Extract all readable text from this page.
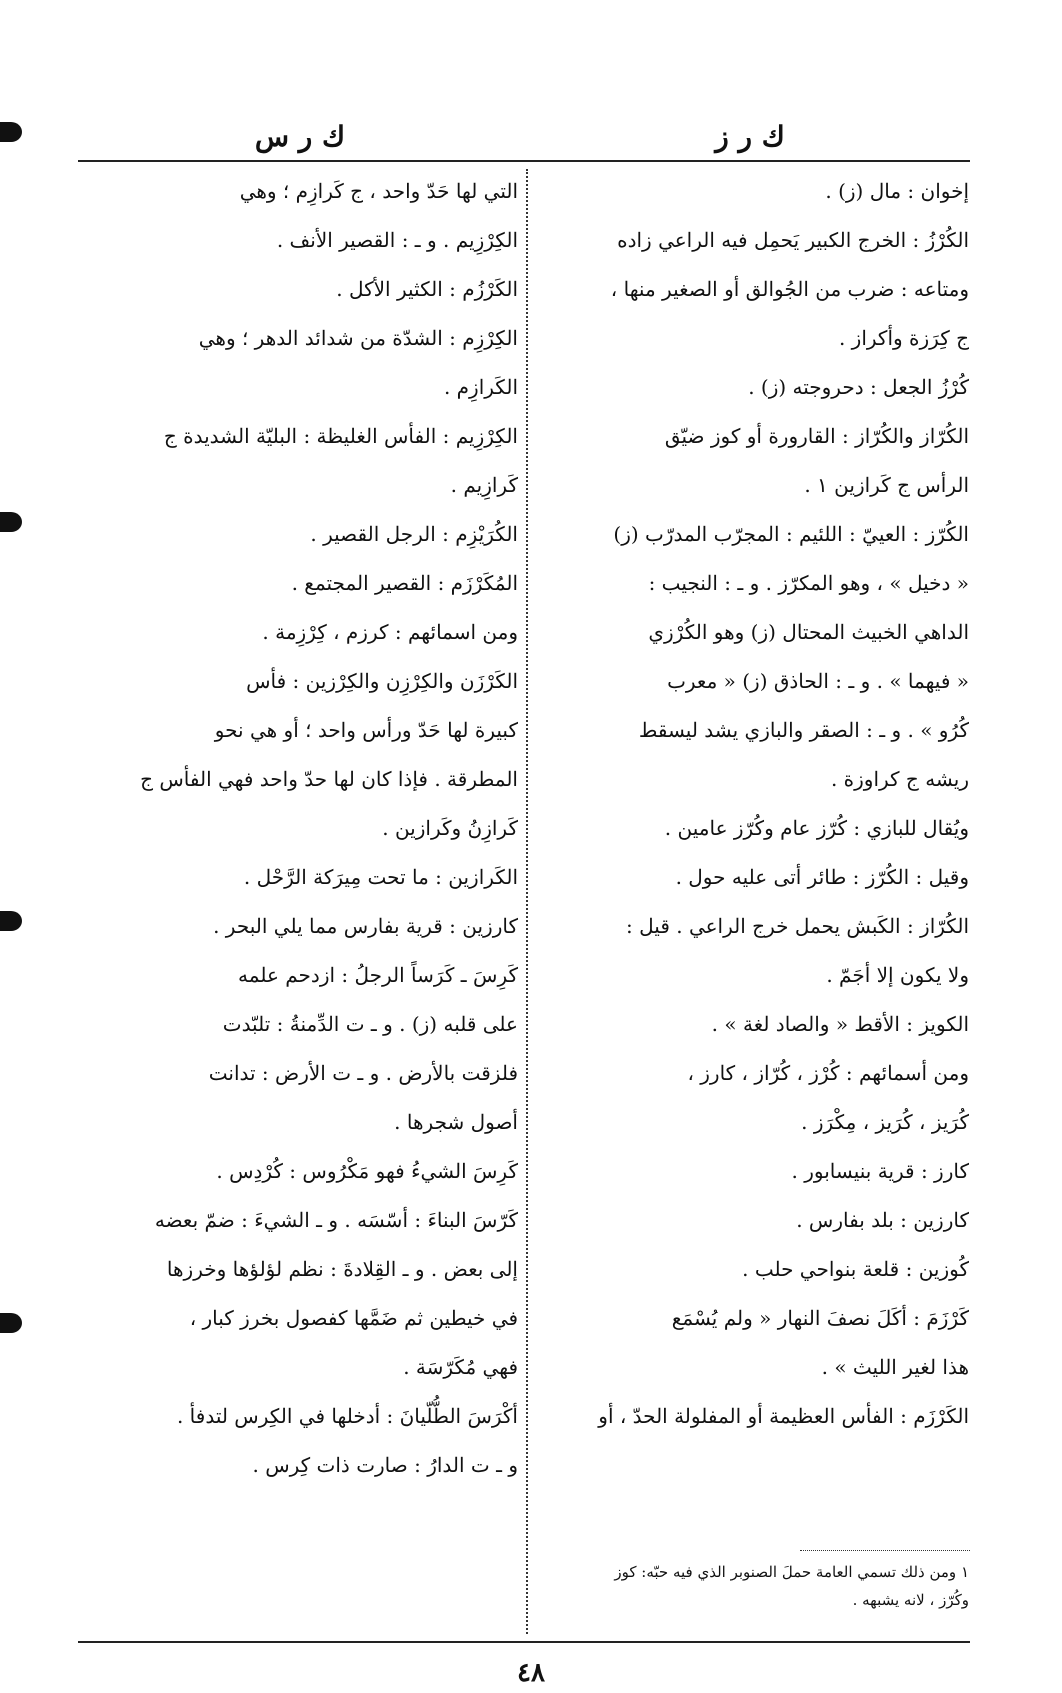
ك ر ز
ك ر س
إخوان : مال (ز) .
الكُرْزُ : الخرج الكبير يَحمِل فيه الراعي زاده
ومتاعه : ضرب من الجُوالق أو الصغير منها ،
ج كِرَزة وأكراز .
كُرْزُ الجعل : دحروجته (ز) .
الكُرّاز والكُرّاز : القارورة أو كوز ضيّق
الرأس ج كَرازين ١ .
الكُرّز : العييّ : اللئيم : المجرّب المدرّب (ز)
« دخيل » ، وهو المكرّز . و ـ : النجيب :
الداهي الخبيث المحتال (ز) وهو الكُرْزي
« فيهما » . و ـ : الحاذق (ز) « معرب
كُرُو » . و ـ : الصقر والبازي يشد ليسقط
ريشه ج كراوزة .
ويُقال للبازي : كُرّز عام وكُرّز عامين .
وقيل : الكُرّز : طائر أتى عليه حول .
الكُرّاز : الكَبش يحمل خرج الراعي . قيل :
ولا يكون إلا أجَمّ .
الكويز : الأقط « والصاد لغة » .
ومن أسمائهم : كُرْز ، كُرّاز ، كارز ،
كُرَيز ، كُرَيز ، مِكْرَز .
كارز : قرية بنيسابور .
كارزين : بلد بفارس .
كُوزين : قلعة بنواحي حلب .
كَرْزَمَ : أكَلَ نصفَ النهار « ولم يُسْمَع
هذا لغير الليث » .
الكَرْزَم : الفأس العظيمة أو المفلولة الحدّ ، أو
التي لها حَدّ واحد ، ج كَرازِم ؛ وهي
الكِرْزِيم . و ـ : القصير الأنف .
الكَرْزُم : الكثير الأكل .
الكِرْزِم : الشدّة من شدائد الدهر ؛ وهي
الكَرازِم .
الكِرْزِيم : الفأس الغليظة : البليّة الشديدة ج
كَرازِيم .
الكُرَيْزِم : الرجل القصير .
المُكَرْزَم : القصير المجتمع .
ومن اسمائهم : كرزم ، كِرْزِمة .
الكَرْزَن والكِرْزِن والكِرْزين : فأس
كبيرة لها حَدّ ورأس واحد ؛ أو هي نحو
المطرقة . فإذا كان لها حدّ واحد فهي الفأس ج
كَرازِنُ وكَرازين .
الكَرازين : ما تحت مِيرَكة الرَّحْل .
كارزين : قرية بفارس مما يلي البحر .
كَرِسَ ـ كَرَساً الرجلُ : ازدحم علمه
على قلبه (ز) . و ـ ت الدِّمنةُ : تلبّدت
فلزقت بالأرض . و ـ ت الأرض : تدانت
أصول شجرها .
كَرِسَ الشيءُ فهو مَكْرُوس : كُرْدِس .
كَرّسَ البناءَ : أسّسَه . و ـ الشيءَ : ضمّ بعضه
إلى بعض . و ـ القِلادةَ : نظم لؤلؤها وخرزها
في خيطين ثم ضَمَّها كفصول بخرز كبار ،
فهي مُكَرّسَة .
أكْرَسَ الطُّلّيانَ : أدخلها في الكِرس لتدفأ .
و ـ ت الدارُ : صارت ذات كِرس .
١ ومن ذلك تسمي العامة حملَ الصنوبر الذي فيه حبّه: كوز
وكُرّز ، لانه يشبهه .
٤٨
